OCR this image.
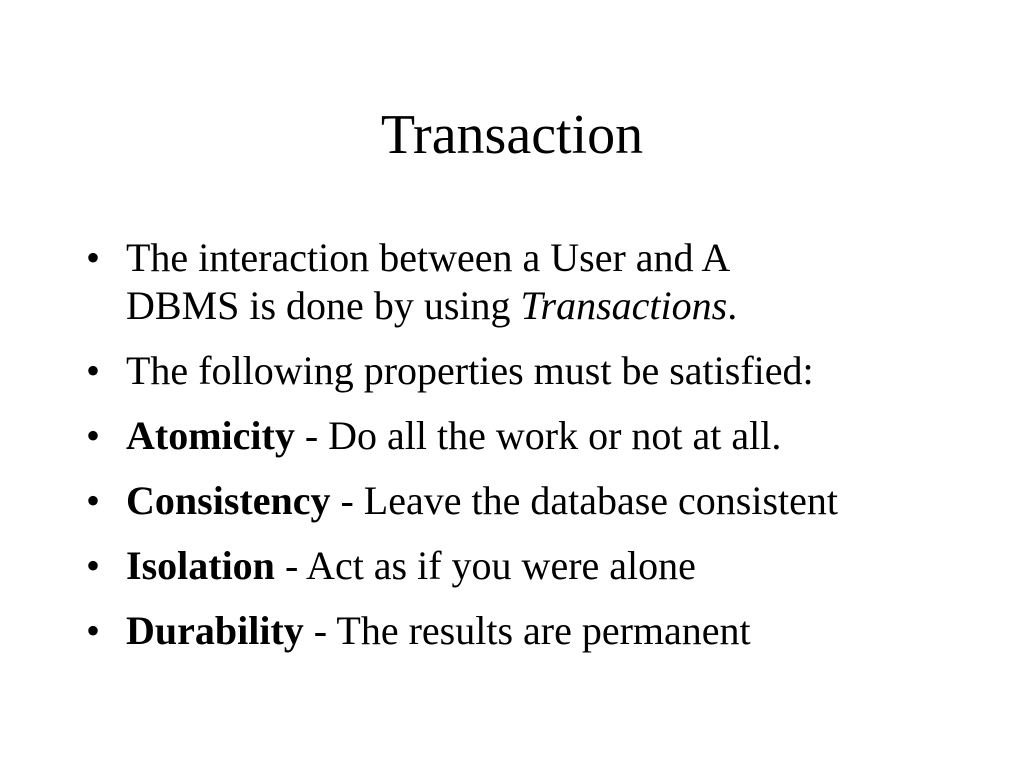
Transaction
• The interaction between a User and A DBMS is done by using Transactions.
• The following properties must be satisfied:
• Atomicity - Do all the work or not at all.
• Consistency - Leave the database consistent
• Isolation - Act as if you were alone
• Durability - The results are permanent
